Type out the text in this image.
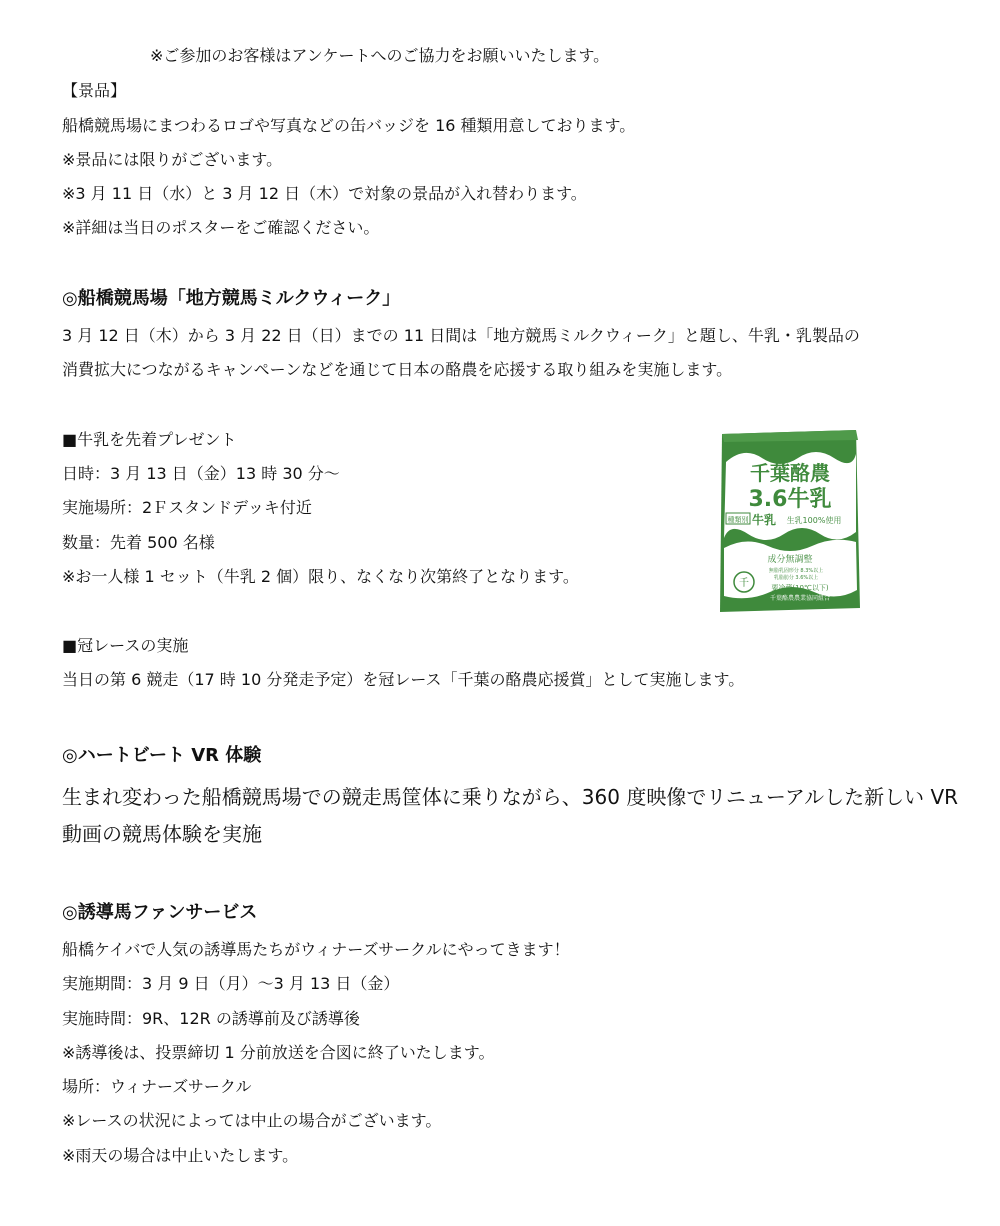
※ご参加のお客様はアンケートへのご協力をお願いいたします。
【景品】
船橋競馬場にまつわるロゴや写真などの缶バッジを 16 種類用意しております。
※景品には限りがございます。
※3 月 11 日（水）と 3 月 12 日（木）で対象の景品が入れ替わります。
※詳細は当日のポスターをご確認ください。
◎船橋競馬場「地方競馬ミルクウィーク」
3 月 12 日（木）から 3 月 22 日（日）までの 11 日間は「地方競馬ミルクウィーク」と題し、牛乳・乳製品の
消費拡大につながるキャンペーンなどを通じて日本の酪農を応援する取り組みを実施します。
■牛乳を先着プレゼント
日時：3 月 13 日（金）13 時 30 分～
実施場所：2Ｆスタンドデッキ付近
数量：先着 500 名様
※お一人様 1 セット（牛乳 2 個）限り、なくなり次第終了となります。
千葉酪農
3.6牛乳
種類別 牛乳 生乳100%使用
成分無調整
無脂乳固形分 8.3%以上
乳脂肪分 3.6%以上
千	要冷蔵(10℃以下)
千葉酪農農業協同組合
■冠レースの実施
当日の第 6 競走（17 時 10 分発走予定）を冠レース「千葉の酪農応援賞」として実施します。
◎ハートビート VR 体験
生まれ変わった船橋競馬場での競走馬筐体に乗りながら、360 度映像でリニューアルした新しい VR
動画の競馬体験を実施
◎誘導馬ファンサービス
船橋ケイバで人気の誘導馬たちがウィナーズサークルにやってきます！
実施期間：3 月 9 日（月）～3 月 13 日（金）
実施時間：9R、12R の誘導前及び誘導後
※誘導後は、投票締切 1 分前放送を合図に終了いたします。
場所：ウィナーズサークル
※レースの状況によっては中止の場合がございます。
※雨天の場合は中止いたします。
